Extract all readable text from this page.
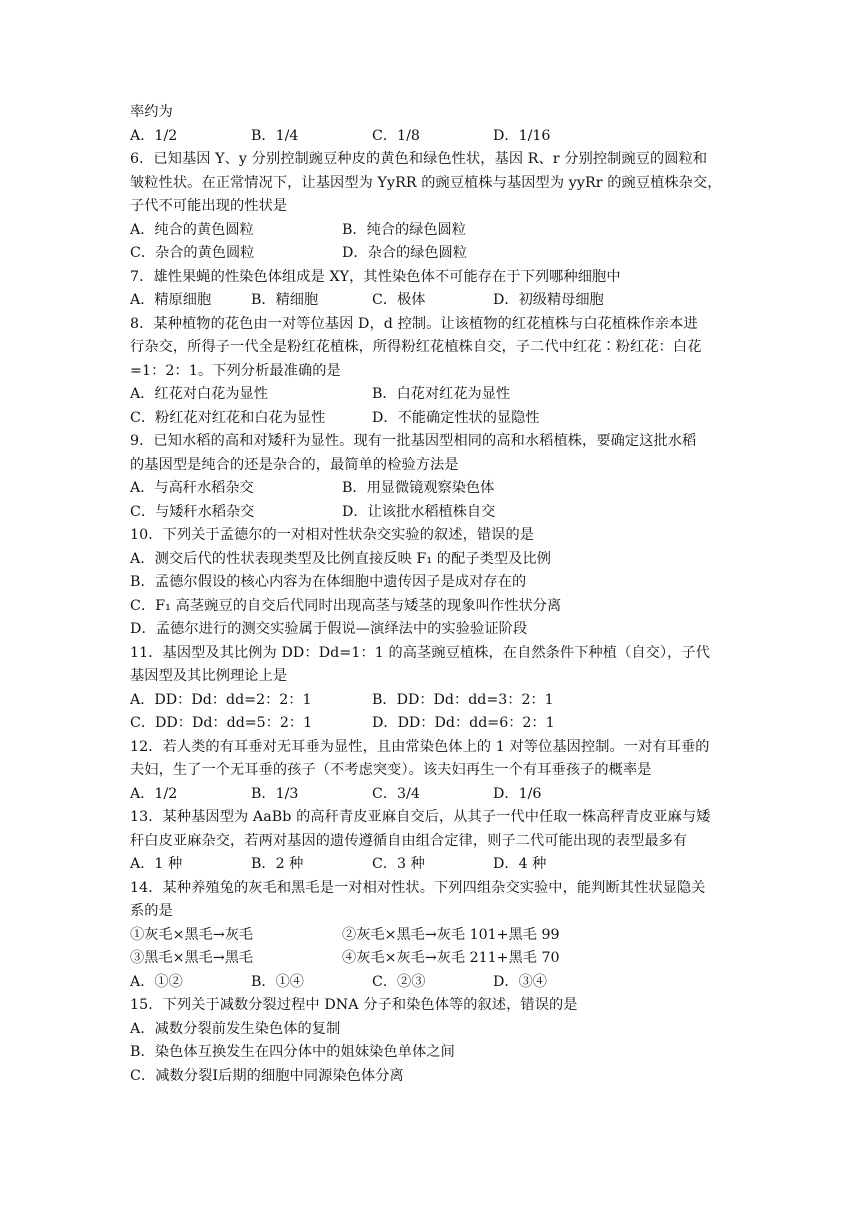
率约为
A．1/2	B．1/4	C．1/8	D．1/16
6．已知基因 Y、y 分别控制豌豆种皮的黄色和绿色性状，基因 R、r 分别控制豌豆的圆粒和
皱粒性状。在正常情况下，让基因型为 YyRR 的豌豆植株与基因型为 yyRr 的豌豆植株杂交，
子代不可能出现的性状是
A．纯合的黄色圆粒	B．纯合的绿色圆粒
C．杂合的黄色圆粒	D．杂合的绿色圆粒
7．雄性果蝇的性染色体组成是 XY，其性染色体不可能存在于下列哪种细胞中
A．精原细胞	B．精细胞	C．极体	D．初级精母细胞
8．某种植物的花色由一对等位基因 D，d 控制。让该植物的红花植株与白花植株作亲本进
行杂交，所得子一代全是粉红花植株，所得粉红花植株自交，子二代中红花∶粉红花：白花
=1：2：1。下列分析最准确的是
A．红花对白花为显性	B．白花对红花为显性
C．粉红花对红花和白花为显性	D．不能确定性状的显隐性
9．已知水稻的高和对矮秆为显性。现有一批基因型相同的高和水稻植株，要确定这批水稻
的基因型是纯合的还是杂合的，最简单的检验方法是
A．与高秆水稻杂交	B．用显微镜观察染色体
C．与矮秆水稻杂交	D．让该批水稻植株自交
10．下列关于孟德尔的一对相对性状杂交实验的叙述，错误的是
A．测交后代的性状表现类型及比例直接反映 F₁ 的配子类型及比例
B．孟德尔假设的核心内容为在体细胞中遗传因子是成对存在的
C．F₁ 高茎豌豆的自交后代同时出现高茎与矮茎的现象叫作性状分离
D．孟德尔进行的测交实验属于假说—演绎法中的实验验证阶段
11．基因型及其比例为 DD：Dd=1：1 的高茎豌豆植株，在自然条件下种植（自交），子代
基因型及其比例理论上是
A．DD：Dd：dd=2：2：1	B．DD：Dd：dd=3：2：1
C．DD：Dd：dd=5：2：1	D．DD：Dd：dd=6：2：1
12．若人类的有耳垂对无耳垂为显性，且由常染色体上的 1 对等位基因控制。一对有耳垂的
夫妇，生了一个无耳垂的孩子（不考虑突变）。该夫妇再生一个有耳垂孩子的概率是
A．1/2	B．1/3	C．3/4	D．1/6
13．某种基因型为 AaBb 的高秆青皮亚麻自交后，从其子一代中任取一株高秤青皮亚麻与矮
秆白皮亚麻杂交，若两对基因的遗传遵循自由组合定律，则子二代可能出现的表型最多有
A．1 种	B．2 种	C．3 种	D．4 种
14．某种养殖兔的灰毛和黑毛是一对相对性状。下列四组杂交实验中，能判断其性状显隐关
系的是
①灰毛×黑毛→灰毛	②灰毛×黑毛→灰毛 101+黑毛 99
③黑毛×黑毛→黑毛	④灰毛×灰毛→灰毛 211+黑毛 70
A．①②	B．①④	C．②③	D．③④
15．下列关于减数分裂过程中 DNA 分子和染色体等的叙述，错误的是
A．减数分裂前发生染色体的复制
B．染色体互换发生在四分体中的姐妹染色单体之间
C．减数分裂Ⅰ后期的细胞中同源染色体分离
